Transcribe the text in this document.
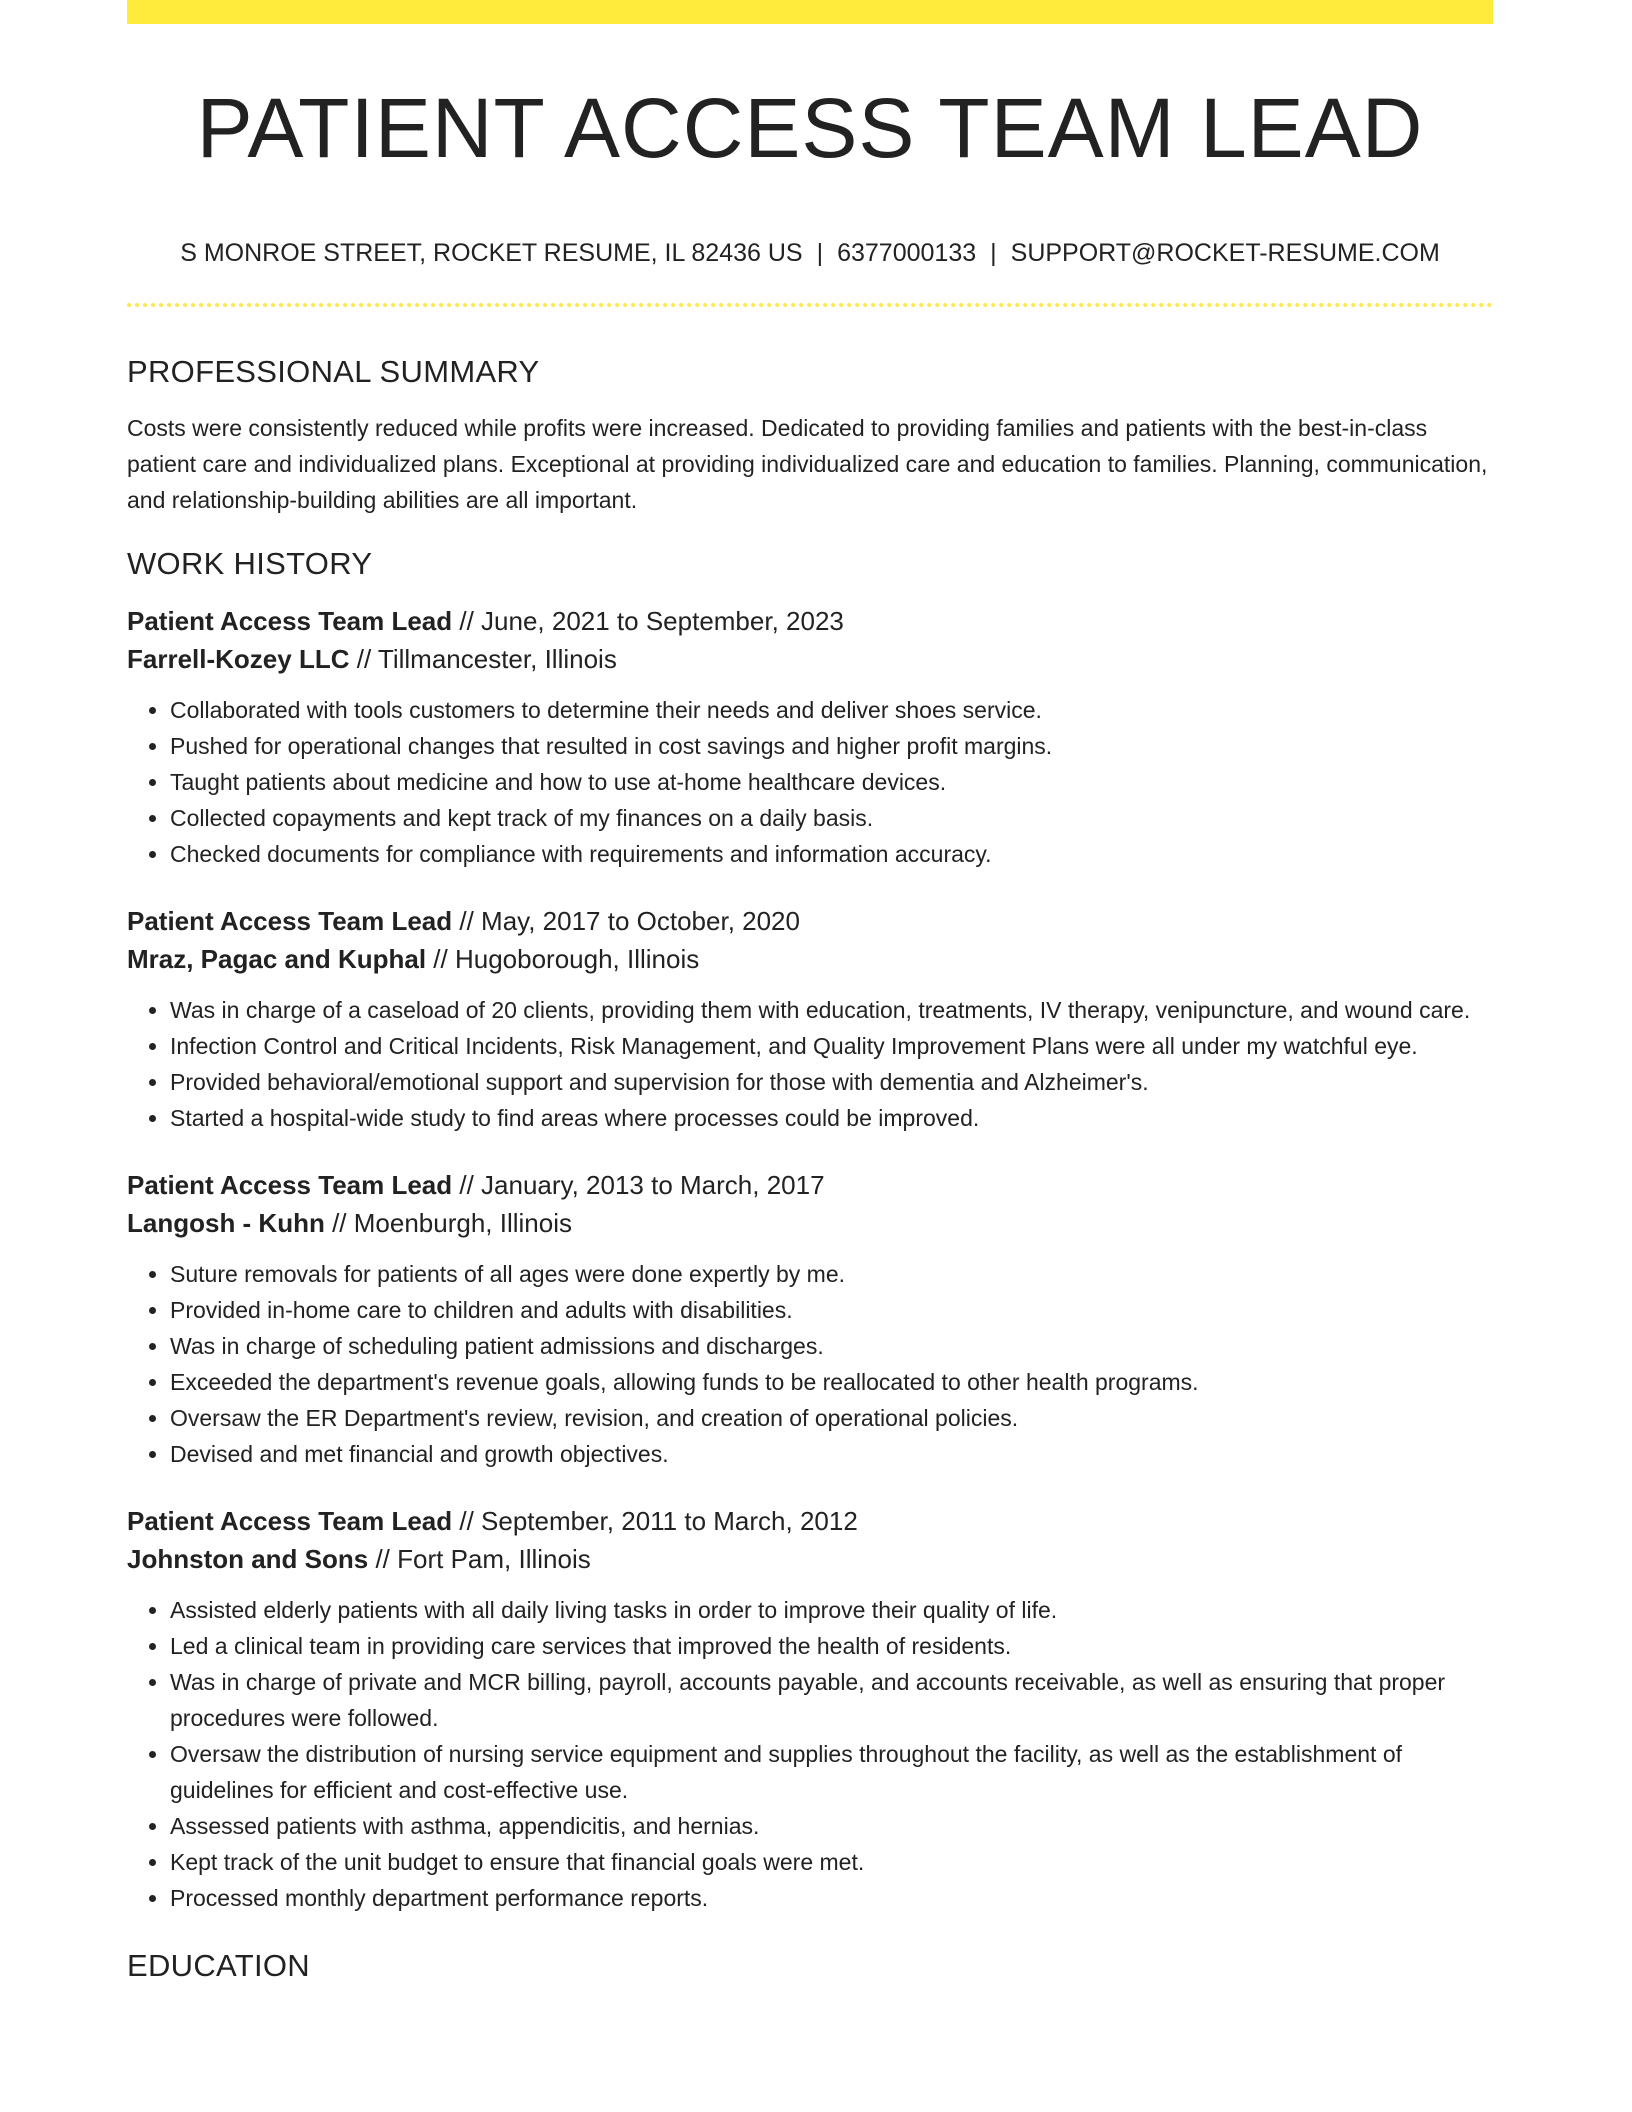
PATIENT ACCESS TEAM LEAD
S MONROE STREET, ROCKET RESUME, IL 82436 US | 6377000133 | SUPPORT@ROCKET-RESUME.COM
PROFESSIONAL SUMMARY

Costs were consistently reduced while profits were increased. Dedicated to providing families and patients with the best-in-class patient care and individualized plans. Exceptional at providing individualized care and education to families. Planning, communication, and relationship-building abilities are all important.

WORK HISTORY

Patient Access Team Lead // June, 2021 to September, 2023

Farrell-Kozey LLC // Tillmancester, Illinois

• Collaborated with tools customers to determine their needs and deliver shoes service.
• Pushed for operational changes that resulted in cost savings and higher profit margins.
• Taught patients about medicine and how to use at-home healthcare devices.
• Collected copayments and kept track of my finances on a daily basis.
• Checked documents for compliance with requirements and information accuracy.

Patient Access Team Lead // May, 2017 to October, 2020

Mraz, Pagac and Kuphal // Hugoborough, Illinois

• Was in charge of a caseload of 20 clients, providing them with education, treatments, IV therapy, venipuncture, and wound care.
• Infection Control and Critical Incidents, Risk Management, and Quality Improvement Plans were all under my watchful eye.
• Provided behavioral/emotional support and supervision for those with dementia and Alzheimer's.
• Started a hospital-wide study to find areas where processes could be improved.

Patient Access Team Lead // January, 2013 to March, 2017

Langosh - Kuhn // Moenburgh, Illinois

• Suture removals for patients of all ages were done expertly by me.
• Provided in-home care to children and adults with disabilities.
• Was in charge of scheduling patient admissions and discharges.
• Exceeded the department's revenue goals, allowing funds to be reallocated to other health programs.
• Oversaw the ER Department's review, revision, and creation of operational policies.
• Devised and met financial and growth objectives.

Patient Access Team Lead // September, 2011 to March, 2012

Johnston and Sons // Fort Pam, Illinois

• Assisted elderly patients with all daily living tasks in order to improve their quality of life.
• Led a clinical team in providing care services that improved the health of residents.
• Was in charge of private and MCR billing, payroll, accounts payable, and accounts receivable, as well as ensuring that proper procedures were followed.
• Oversaw the distribution of nursing service equipment and supplies throughout the facility, as well as the establishment of guidelines for efficient and cost-effective use.
• Assessed patients with asthma, appendicitis, and hernias.
• Kept track of the unit budget to ensure that financial goals were met.
• Processed monthly department performance reports.
EDUCATION
